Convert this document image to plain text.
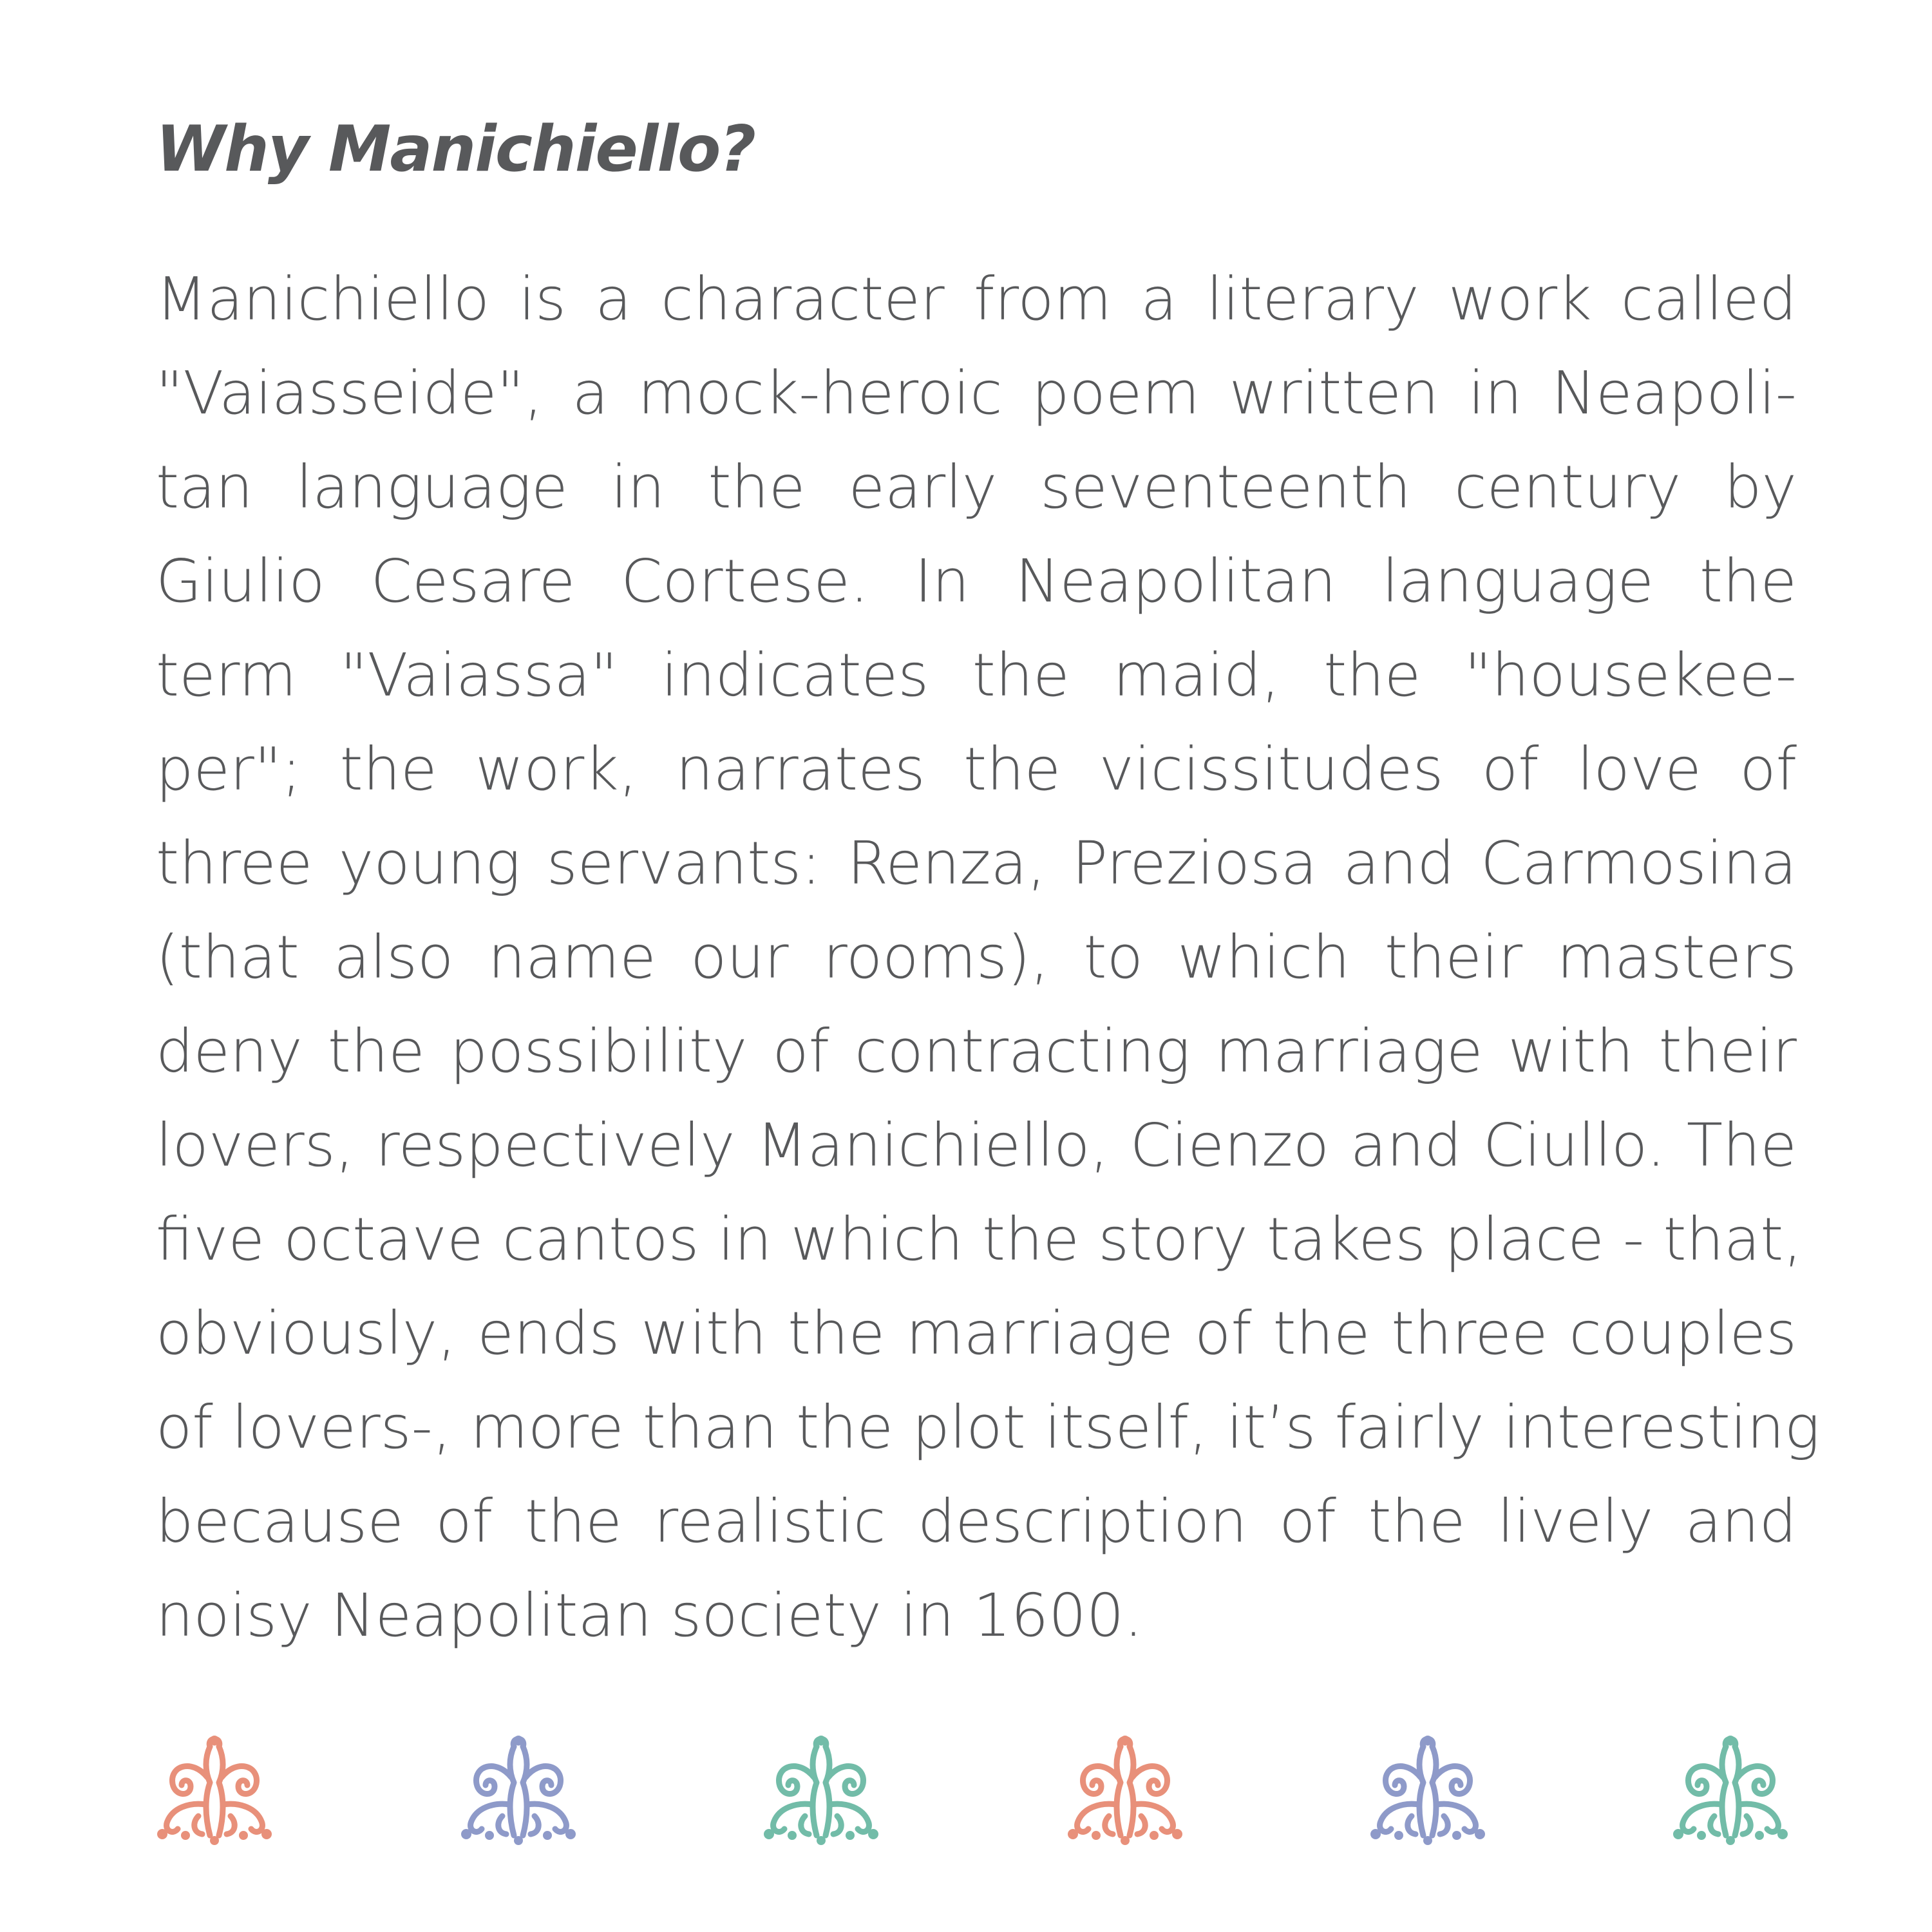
Why Manichiello?
Manichiello is a character from a literary work called
"Vaiasseide", a mock-heroic poem written in Neapoli-
tan language in the early seventeenth century by
Giulio Cesare Cortese. In Neapolitan language the
term "Vaiassa" indicates the maid, the "housekee-
per"; the work, narrates the vicissitudes of love of
three young servants: Renza, Preziosa and Carmosina
(that also name our rooms), to which their masters
deny the possibility of contracting marriage with their
lovers, respectively Manichiello, Cienzo and Ciullo. The
five octave cantos in which the story takes place - that,
obviously, ends with the marriage of the three couples
of lovers-, more than the plot itself, it’s fairly interesting
because of the realistic description of the lively and
noisy Neapolitan society in 1600.
